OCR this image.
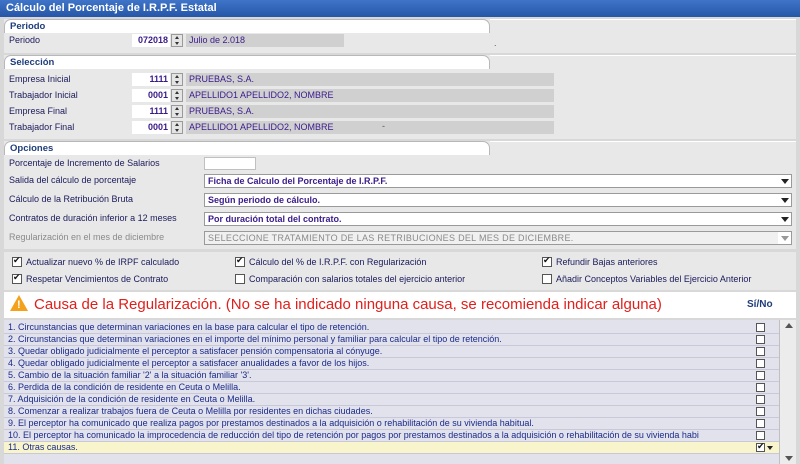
Cálculo del Porcentaje de I.R.P.F. Estatal
Periodo
Periodo	072018	Julio de 2.018	.
Selección
Empresa Inicial	1111	PRUEBAS, S.A.
Trabajador Inicial	0001	APELLIDO1 APELLIDO2, NOMBRE
Empresa Final	1111	PRUEBAS, S.A.
Trabajador Final	0001	APELLIDO1 APELLIDO2, NOMBRE	-
Opciones
Porcentaje de Incremento de Salarios
Salida del cálculo de porcentaje	Ficha de Calculo del Porcentaje de I.R.P.F.
Cálculo de la Retribución Bruta	Según periodo de cálculo.
Contratos de duración inferior a 12 meses	Por duración total del contrato.
Regularización en el mes de diciembre	SELECCIONE TRATAMIENTO DE LAS RETRIBUCIONES DEL MES DE DICIEMBRE.
✔
Actualizar nuevo % de IRPF calculado ✔	Cálculo del % de I.R.P.F. con Regularización ✔	Refundir Bajas anteriores
✔
Respetar Vencimientos de Contrato	Comparación con salarios totales del ejercicio anterior	Añadir Conceptos Variables del Ejercicio Anterior
! Causa de la Regularización. (No se ha indicado ninguna causa, se recomienda indicar alguna)	Sí/No
1. Circunstancias que determinan variaciones en la base para calcular el tipo de retención.
2. Circunstancias que determinan variaciones en el importe del mínimo personal y familiar para calcular el tipo de retención.
3. Quedar obligado judicialmente el perceptor a satisfacer pensión compensatoria al cónyuge.
4. Quedar obligado judicialmente el perceptor a satisfacer anualidades a favor de los hijos.
5. Cambio de la situación familiar '2' a la situación familiar '3'.
6. Perdida de la condición de residente en Ceuta o Melilla.
7. Adquisición de la condición de residente en Ceuta o Melilla.
8. Comenzar a realizar trabajos fuera de Ceuta o Melilla por residentes en dichas ciudades.
9. El perceptor ha comunicado que realiza pagos por prestamos destinados a la adquisición o rehabilitación de su vivienda habitual.
10. El perceptor ha comunicado la improcedencia de reducción del tipo de retención por pagos por prestamos destinados a la adquisición o rehabilitación de su vivienda habi
11. Otras causas.
✔
